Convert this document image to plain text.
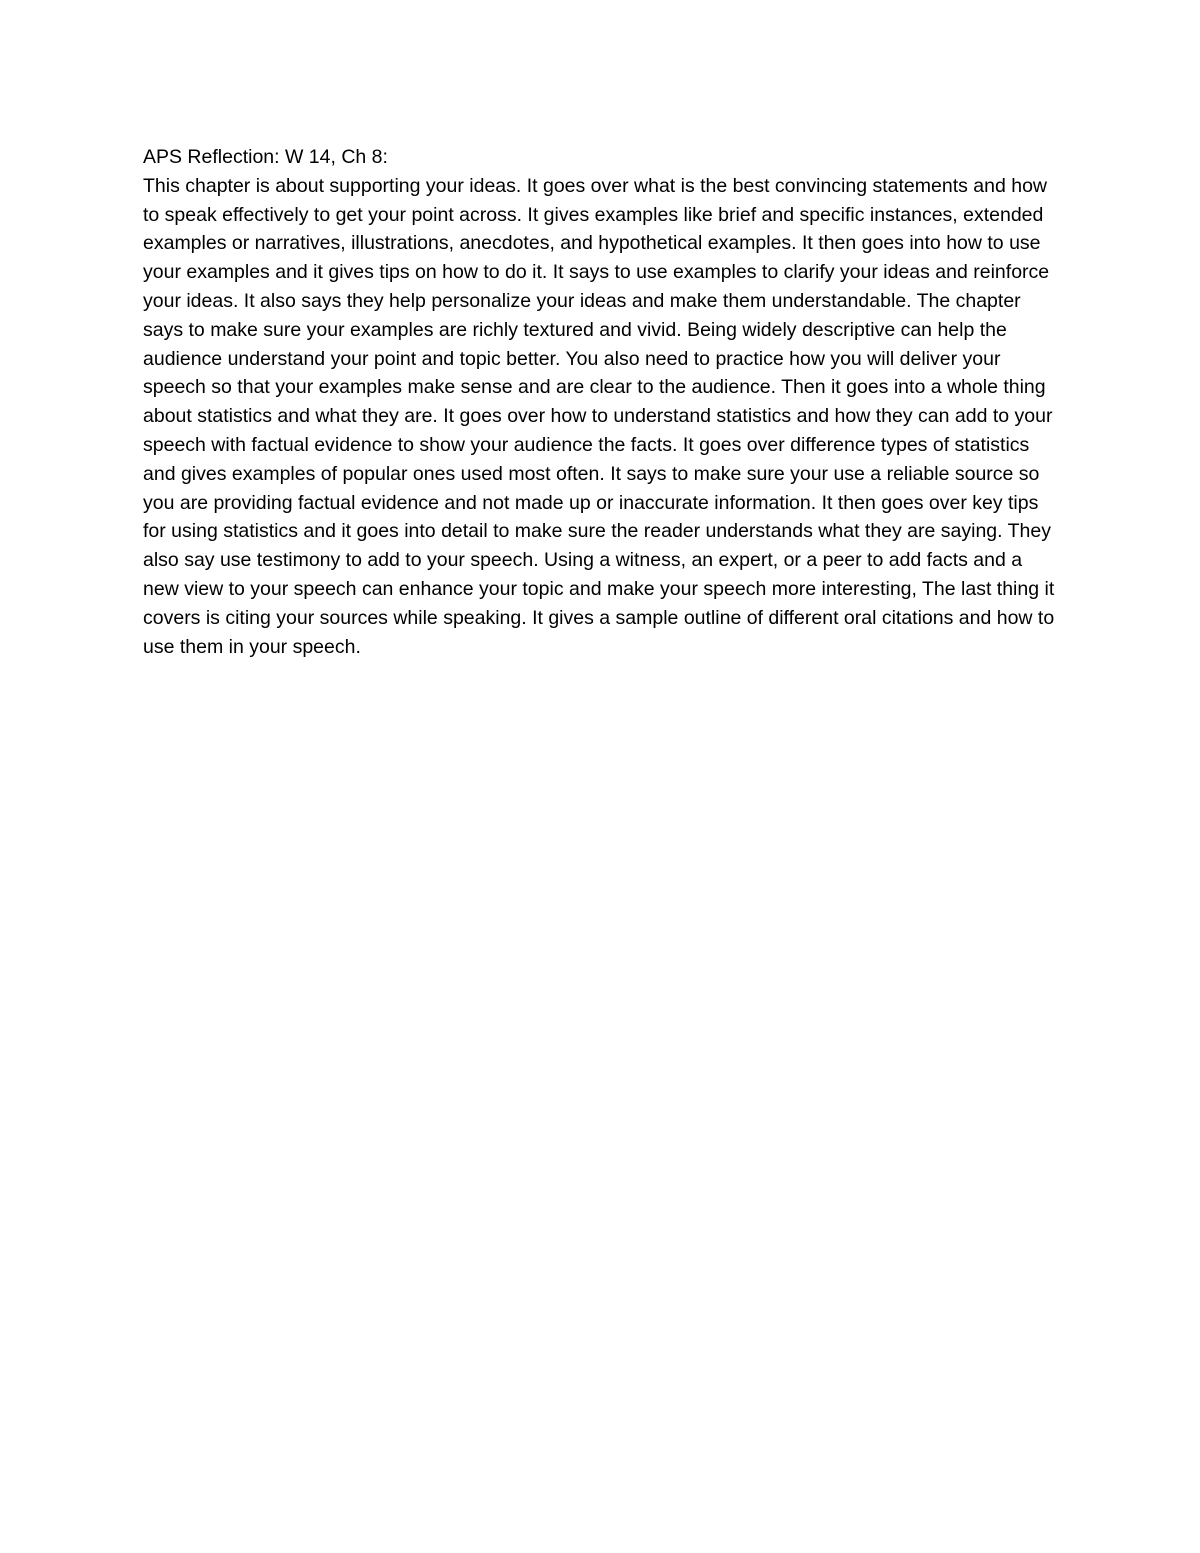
APS Reflection: W 14, Ch 8:

This chapter is about supporting your ideas. It goes over what is the best convincing statements and how to speak effectively to get your point across. It gives examples like brief and specific instances, extended examples or narratives, illustrations, anecdotes, and hypothetical examples. It then goes into how to use your examples and it gives tips on how to do it. It says to use examples to clarify your ideas and reinforce your ideas. It also says they help personalize your ideas and make them understandable. The chapter says to make sure your examples are richly textured and vivid. Being widely descriptive can help the audience understand your point and topic better. You also need to practice how you will deliver your speech so that your examples make sense and are clear to the audience. Then it goes into a whole thing about statistics and what they are. It goes over how to understand statistics and how they can add to your speech with factual evidence to show your audience the facts. It goes over difference types of statistics and gives examples of popular ones used most often. It says to make sure your use a reliable source so you are providing factual evidence and not made up or inaccurate information. It then goes over key tips for using statistics and it goes into detail to make sure the reader understands what they are saying. They also say use testimony to add to your speech. Using a witness, an expert, or a peer to add facts and a new view to your speech can enhance your topic and make your speech more interesting, The last thing it covers is citing your sources while speaking. It gives a sample outline of different oral citations and how to use them in your speech.
